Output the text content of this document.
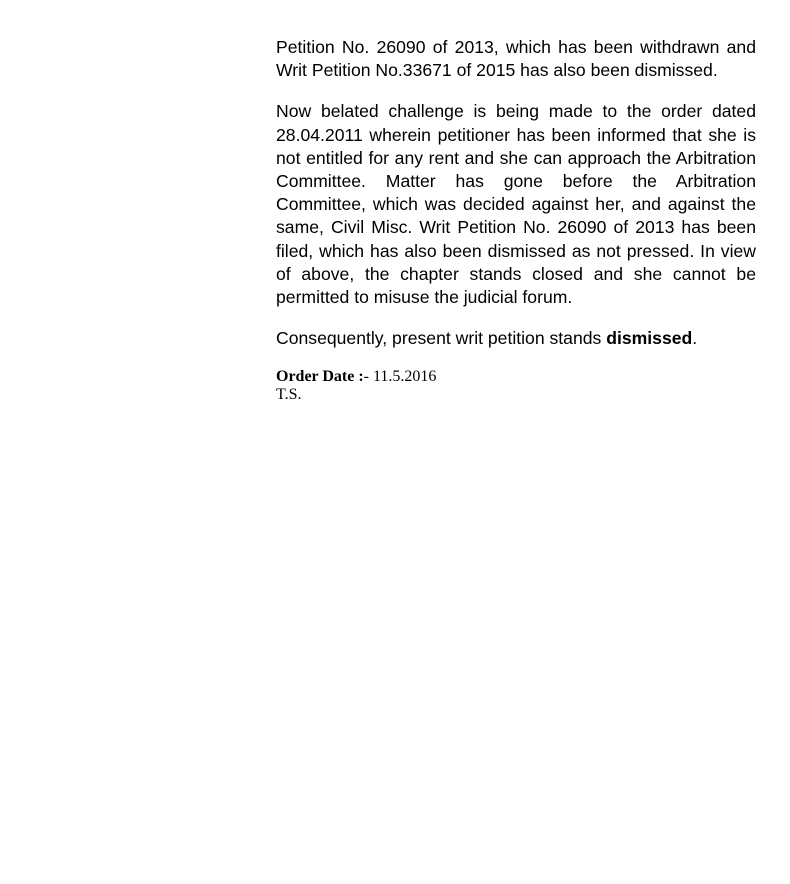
Petition No. 26090 of 2013, which has been withdrawn and Writ Petition No.33671 of 2015 has also been dismissed.

Now belated challenge is being made to the order dated 28.04.2011 wherein petitioner has been informed that she is not entitled for any rent and she can approach the Arbitration Committee. Matter has gone before the Arbitration Committee, which was decided against her, and against the same, Civil Misc. Writ Petition No. 26090 of 2013 has been filed, which has also been dismissed as not pressed. In view of above, the chapter stands closed and she cannot be permitted to misuse the judicial forum.

Consequently, present writ petition stands dismissed.

Order Date :- 11.5.2016

T.S.
